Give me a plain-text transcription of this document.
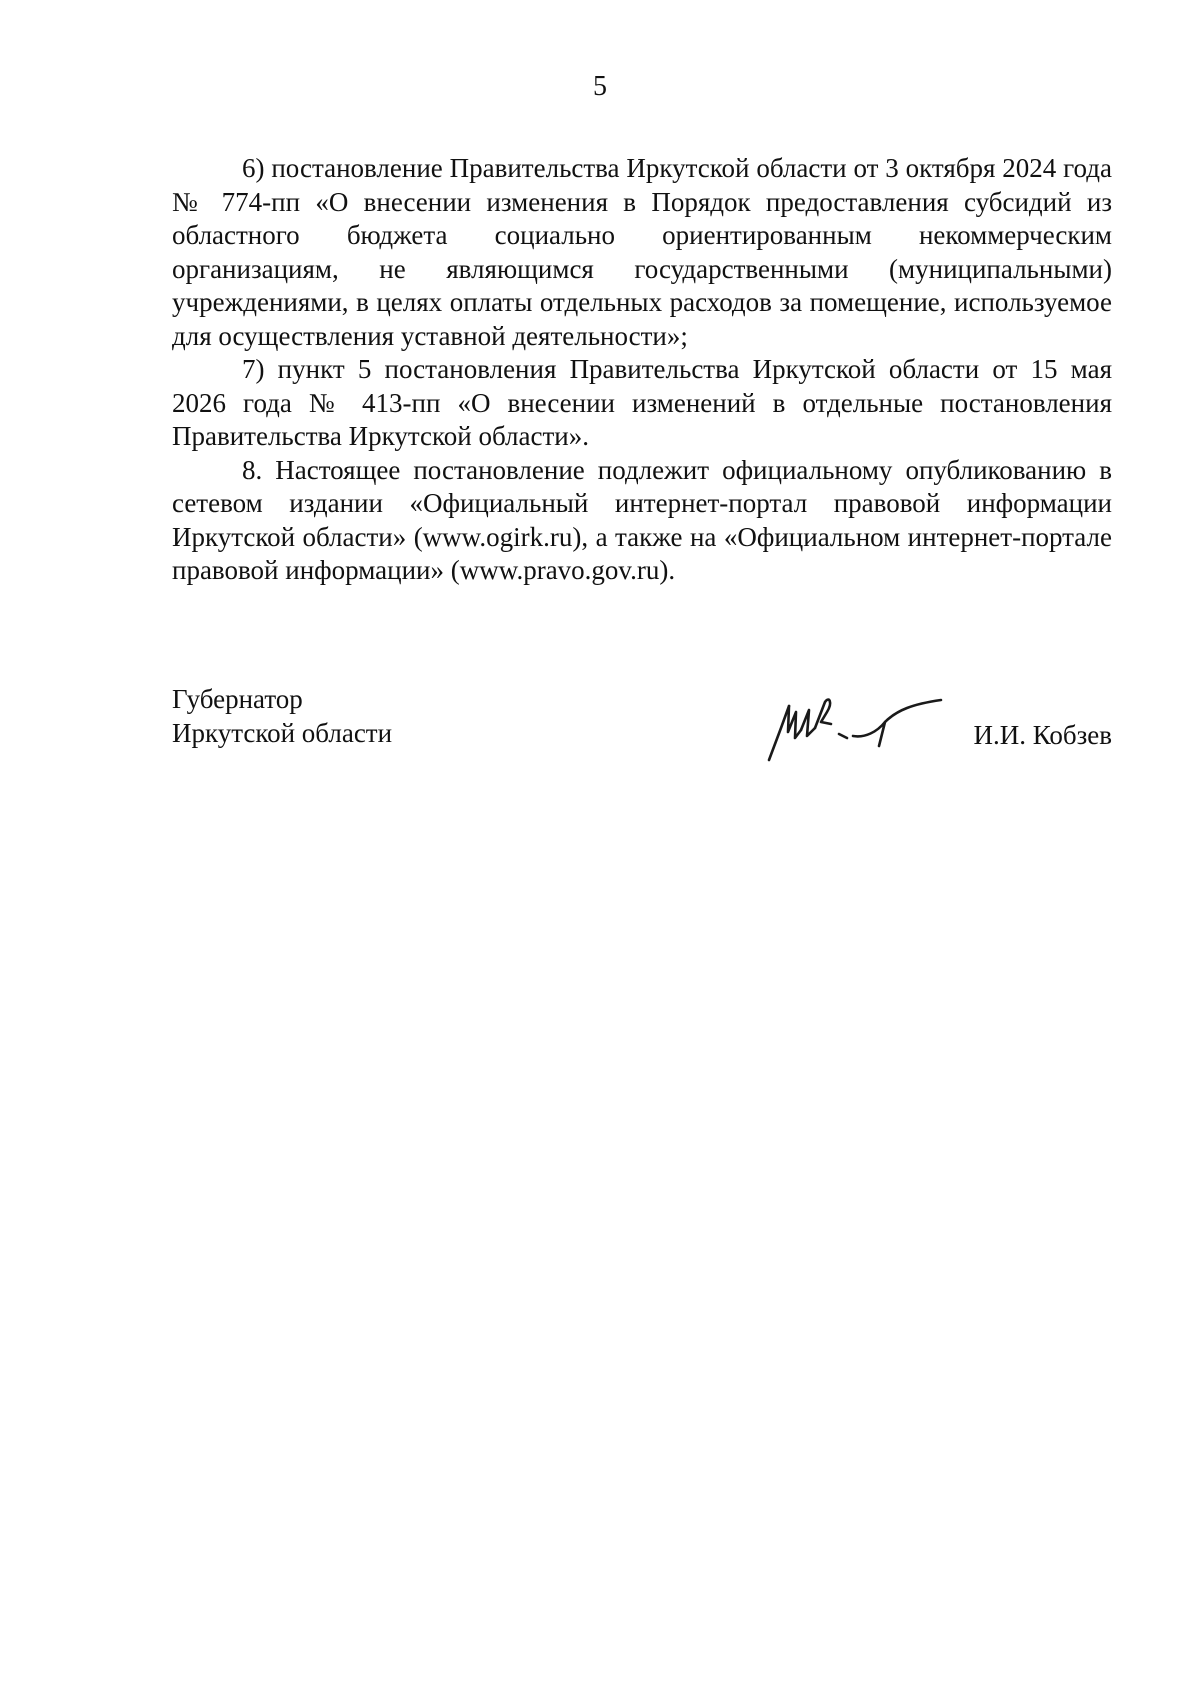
5

6) постановление Правительства Иркутской области от 3 октября 2024 года № 774-пп «О внесении изменения в Порядок предоставления субсидий из областного бюджета социально ориентированным некоммерческим организациям, не являющимся государственными (муниципальными) учреждениями, в целях оплаты отдельных расходов за помещение, используемое для осуществления уставной деятельности»;

7) пункт 5 постановления Правительства Иркутской области от 15 мая 2026 года № 413-пп «О внесении изменений в отдельные постановления Правительства Иркутской области».

8. Настоящее постановление подлежит официальному опубликованию в сетевом издании «Официальный интернет-портал правовой информации Иркутской области» (www.ogirk.ru), а также на «Официальном интернет-портале правовой информации» (www.pravo.gov.ru).

Губернатор
Иркутской области	И.И. Кобзев
